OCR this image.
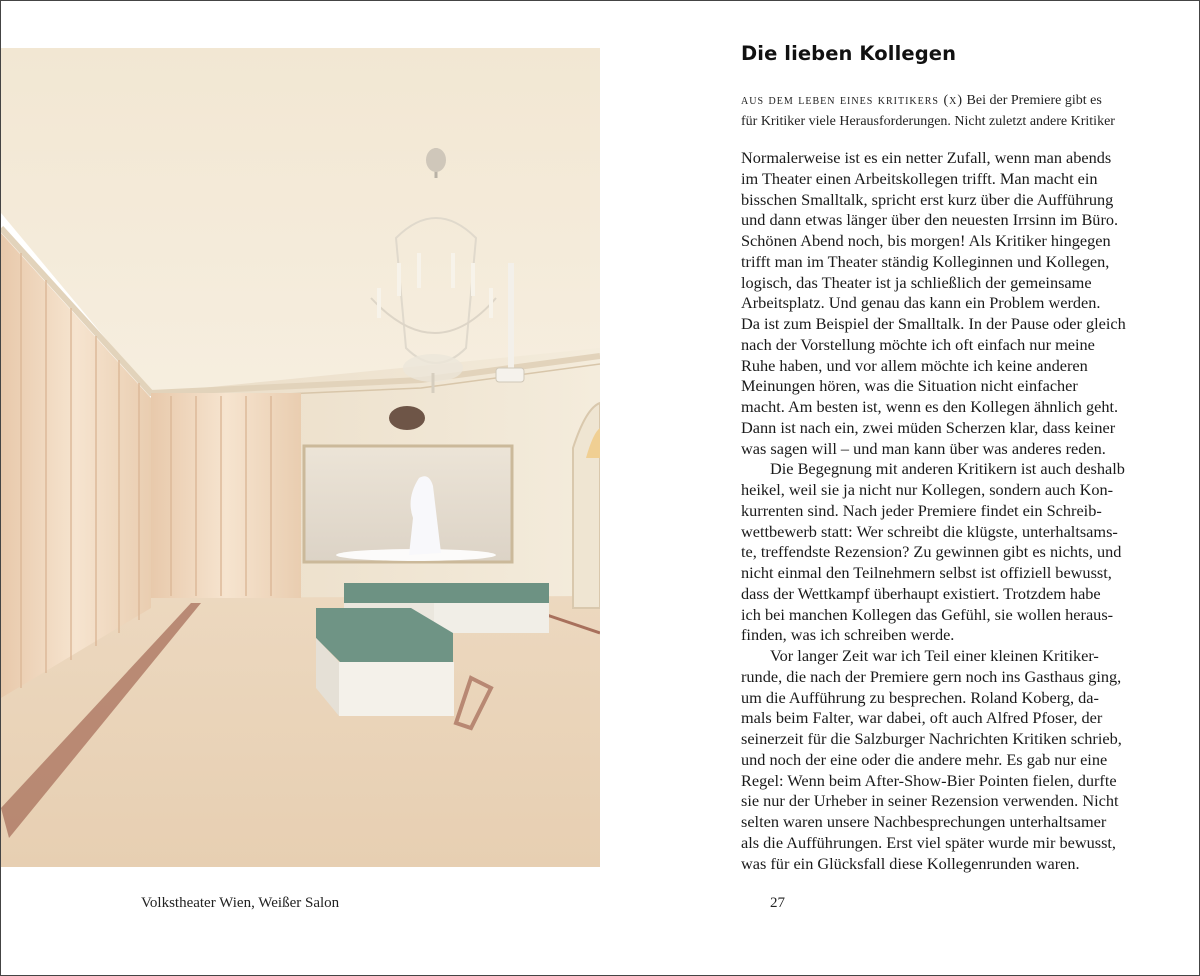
Volkstheater Wien, Weißer Salon
Die lieben Kollegen
aus dem leben eines kritikers (x) Bei der Premiere gibt es
für Kritiker viele Herausforderungen. Nicht zuletzt andere Kritiker
Normalerweise ist es ein netter Zufall, wenn man abends
im Theater einen Arbeitskollegen trifft. Man macht ein
bisschen Smalltalk, spricht erst kurz über die Aufführung
und dann etwas länger über den neuesten Irrsinn im Büro.
Schönen Abend noch, bis morgen! Als Kritiker hingegen
trifft man im Theater ständig Kolleginnen und Kollegen,
logisch, das Theater ist ja schließlich der gemeinsame
Arbeitsplatz. Und genau das kann ein Problem werden.
Da ist zum Beispiel der Smalltalk. In der Pause oder gleich
nach der Vorstellung möchte ich oft einfach nur meine
Ruhe haben, und vor allem möchte ich keine anderen
Meinungen hören, was die Situation nicht einfacher
macht. Am besten ist, wenn es den Kollegen ähnlich geht.
Dann ist nach ein, zwei müden Scherzen klar, dass keiner
was sagen will – und man kann über was anderes reden.
Die Begegnung mit anderen Kritikern ist auch deshalb
heikel, weil sie ja nicht nur Kollegen, sondern auch Kon-
kurrenten sind. Nach jeder Premiere findet ein Schreib-
wettbewerb statt: Wer schreibt die klügste, unterhaltsams-
te, treffendste Rezension? Zu gewinnen gibt es nichts, und
nicht einmal den Teilnehmern selbst ist offiziell bewusst,
dass der Wettkampf überhaupt existiert. Trotzdem habe
ich bei manchen Kollegen das Gefühl, sie wollen heraus-
finden, was ich schreiben werde.
Vor langer Zeit war ich Teil einer kleinen Kritiker-
runde, die nach der Premiere gern noch ins Gasthaus ging,
um die Aufführung zu besprechen. Roland Koberg, da-
mals beim Falter, war dabei, oft auch Alfred Pfoser, der
seinerzeit für die Salzburger Nachrichten Kritiken schrieb,
und noch der eine oder die andere mehr. Es gab nur eine
Regel: Wenn beim After-Show-Bier Pointen fielen, durfte
sie nur der Urheber in seiner Rezension verwenden. Nicht
selten waren unsere Nachbesprechungen unterhaltsamer
als die Aufführungen. Erst viel später wurde mir bewusst,
was für ein Glücksfall diese Kollegenrunden waren.
27
